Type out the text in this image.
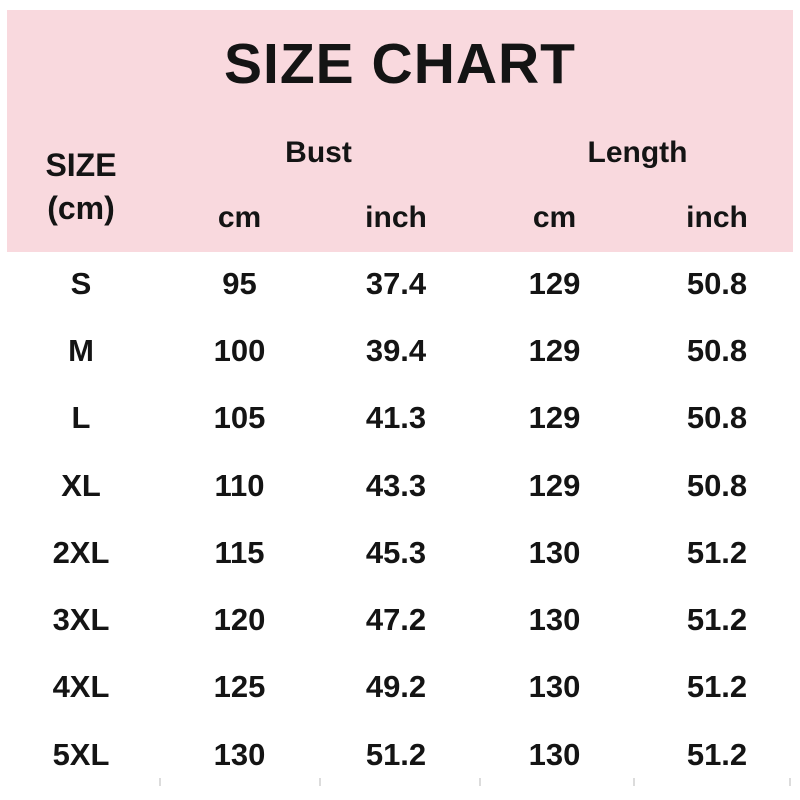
SIZE CHART
SIZE
(cm)
Bust	Length
cm	inch	cm	inch
S	95	37.4	129	50.8
M	100	39.4	129	50.8
L	105	41.3	129	50.8
XL	110	43.3	129	50.8
2XL	115	45.3	130	51.2
3XL	120	47.2	130	51.2
4XL	125	49.2	130	51.2
5XL	130	51.2	130	51.2
